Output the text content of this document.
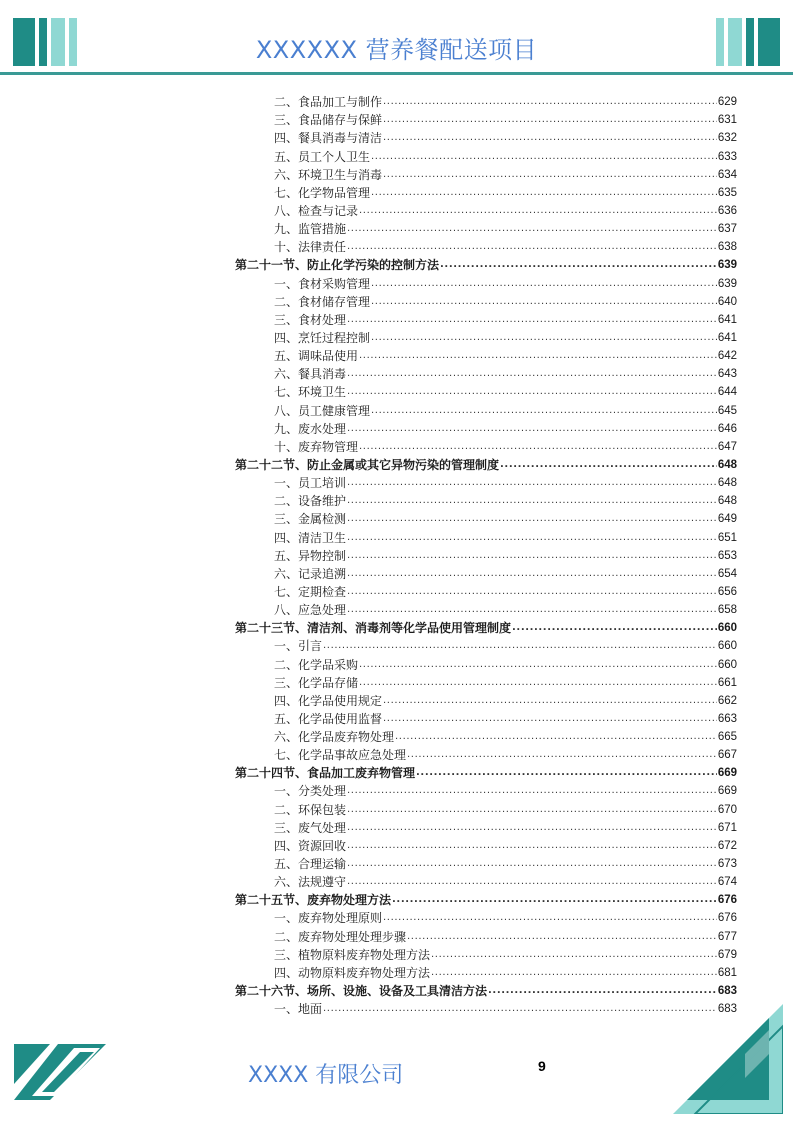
XXXXXX 营养餐配送项目
二、食品加工与制作 .....	629
三、食品储存与保鲜 .....	631
四、餐具消毒与清洁 .....	632
五、员工个人卫生 .....	633
六、环境卫生与消毒 .....	634
七、化学物品管理 .....	635
八、检查与记录 .....	636
九、监管措施 .....	637
十、法律责任 .....	638
第二十一节、防止化学污染的控制方法 .....	639
一、食材采购管理 .....	639
二、食材储存管理 .....	640
三、食材处理 .....	641
四、烹饪过程控制 .....	641
五、调味品使用 .....	642
六、餐具消毒 .....	643
七、环境卫生 .....	644
八、员工健康管理 .....	645
九、废水处理 .....	646
十、废弃物管理 .....	647
第二十二节、防止金属或其它异物污染的管理制度 .....	648
一、员工培训 .....	648
二、设备维护 .....	648
三、金属检测 .....	649
四、清洁卫生 .....	651
五、异物控制 .....	653
六、记录追溯 .....	654
七、定期检查 .....	656
八、应急处理 .....	658
第二十三节、清洁剂、消毒剂等化学品使用管理制度 .....	660
一、引言 .....	660
二、化学品采购 .....	660
三、化学品存储 .....	661
四、化学品使用规定 .....	662
五、化学品使用监督 .....	663
六、化学品废弃物处理 .....	665
七、化学品事故应急处理 .....	667
第二十四节、食品加工废弃物管理 .....	669
一、分类处理 .....	669
二、环保包装 .....	670
三、废气处理 .....	671
四、资源回收 .....	672
五、合理运输 .....	673
六、法规遵守 .....	674
第二十五节、废弃物处理方法 .....	676
一、废弃物处理原则 .....	676
二、废弃物处理处理步骤 .....	677
三、植物原料废弃物处理方法 .....	679
四、动物原料废弃物处理方法 .....	681
第二十六节、场所、设施、设备及工具清洁方法 .....	683
一、地面 .....	683
XXXX 有限公司	9
